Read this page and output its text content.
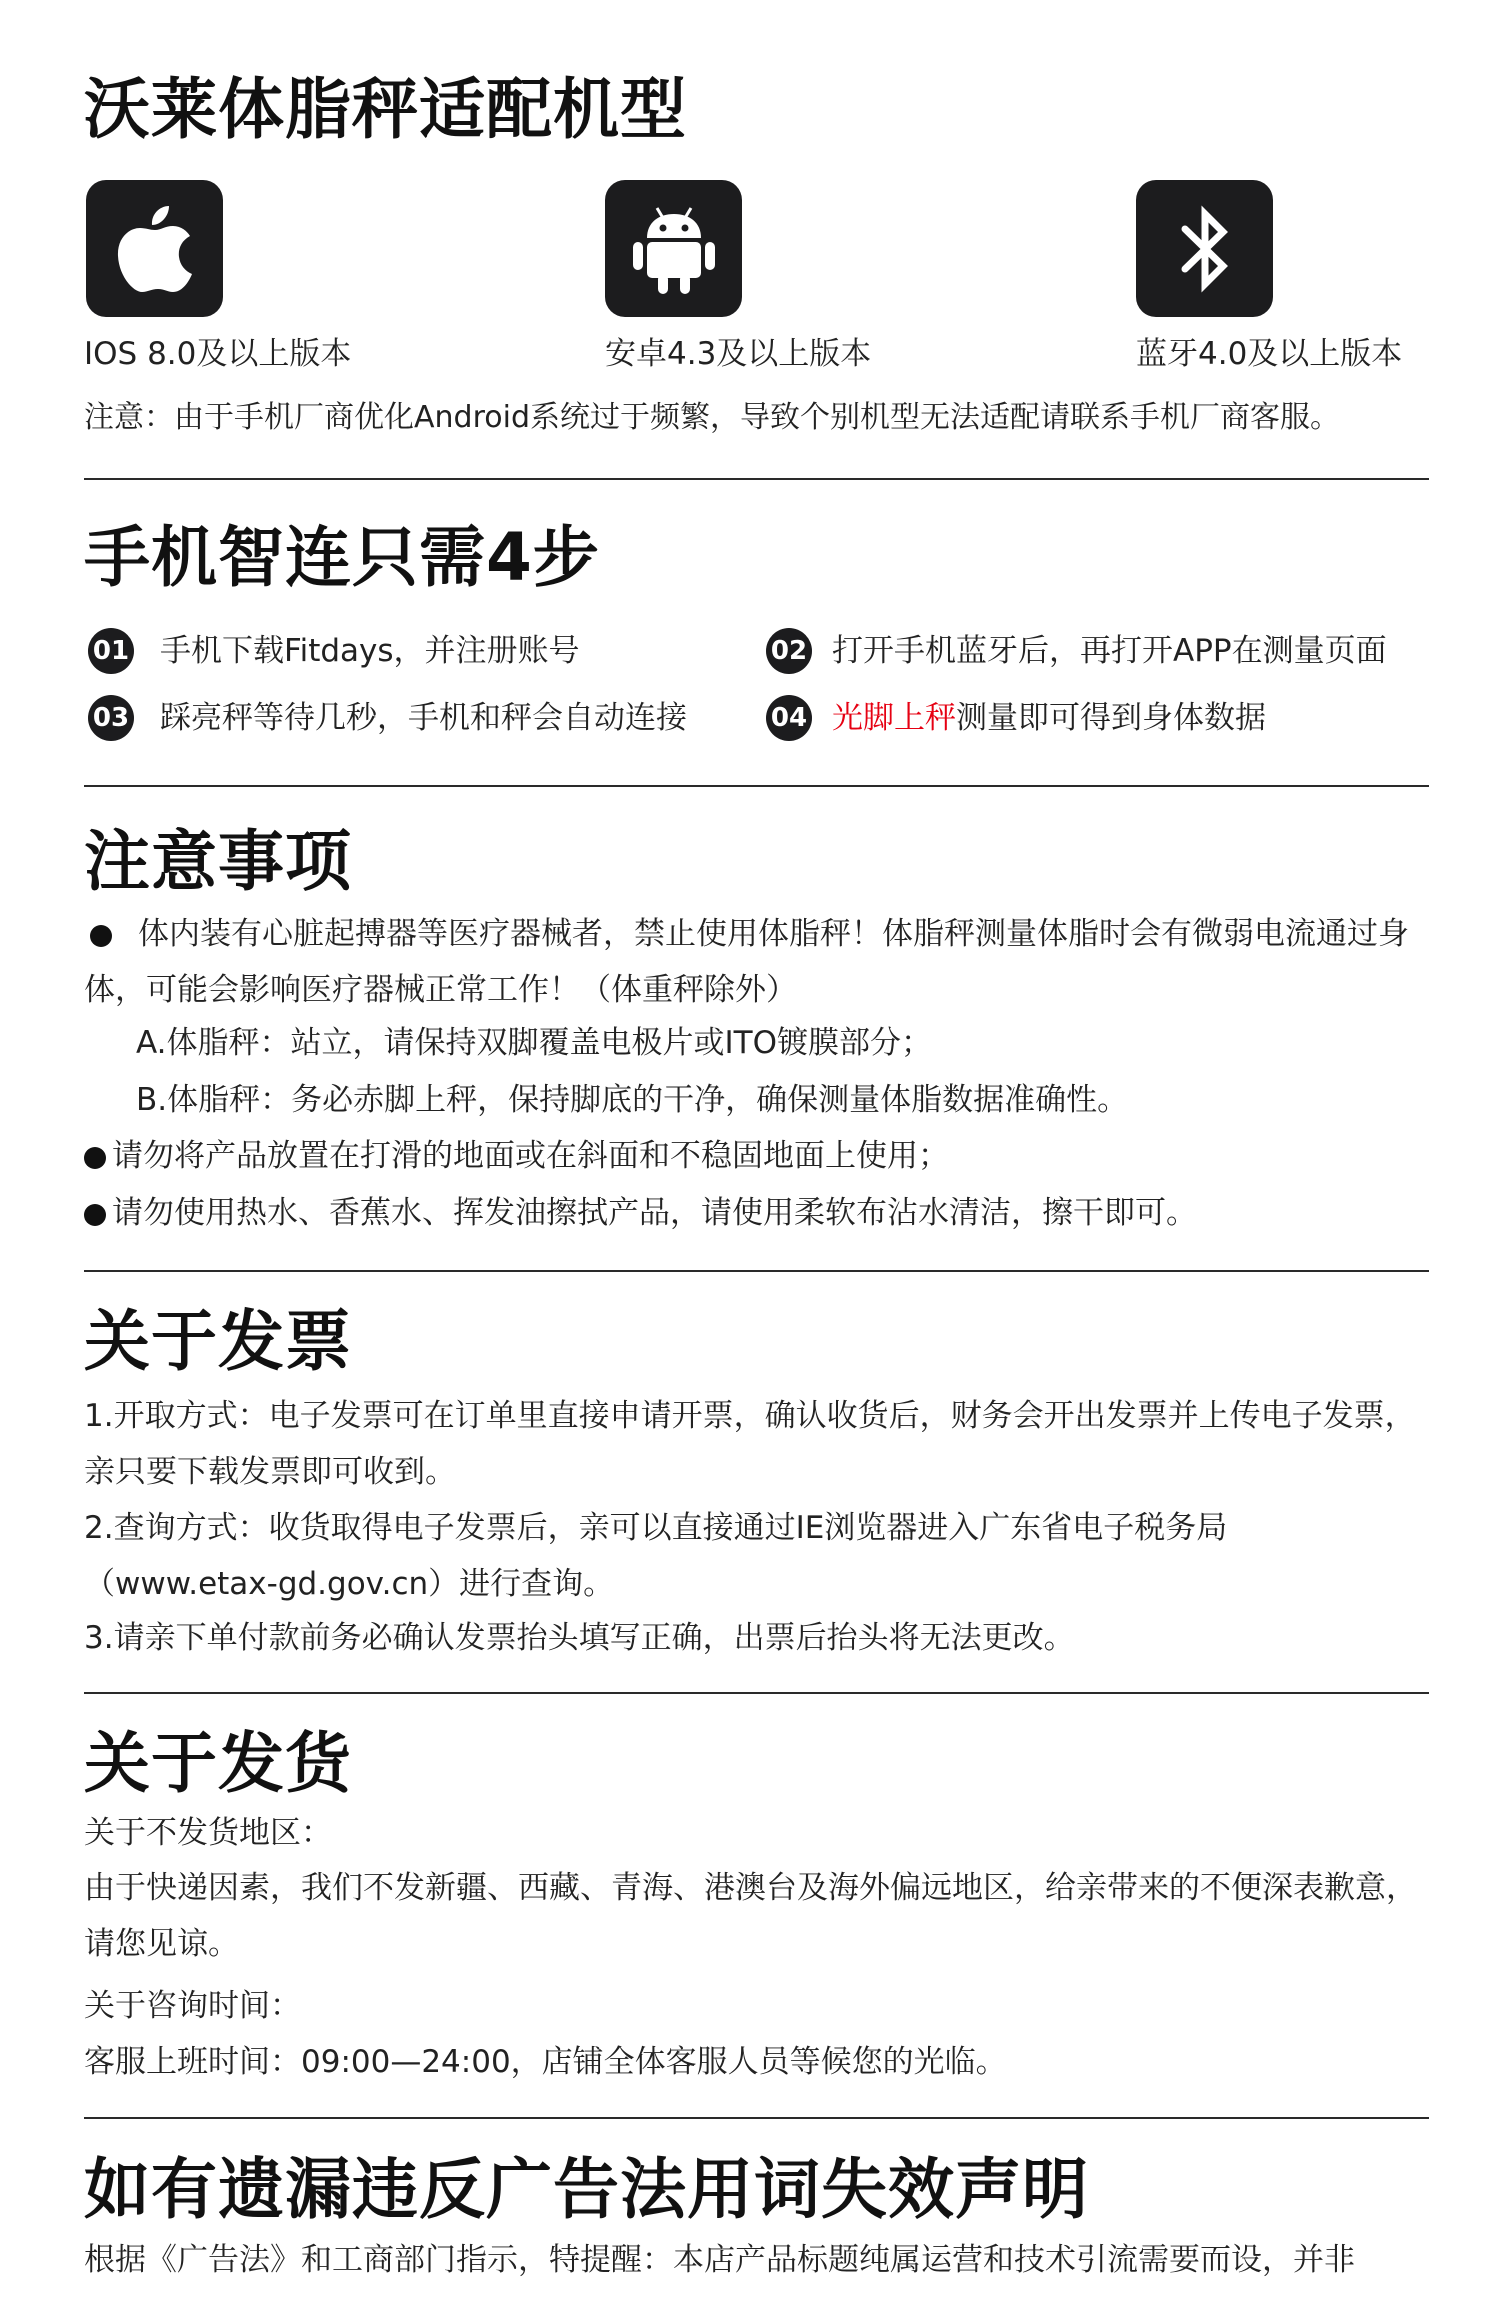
沃莱体脂秤适配机型
IOS 8.0及以上版本	安卓4.3及以上版本	蓝牙4.0及以上版本
注意：由于手机厂商优化Android系统过于频繁，导致个别机型无法适配请联系手机厂商客服。
手机智连只需4步
01 手机下载Fitdays，并注册账号	02 打开手机蓝牙后，再打开APP在测量页面
03 踩亮秤等待几秒，手机和秤会自动连接	04 光脚上秤测量即可得到身体数据
注意事项
体内装有心脏起搏器等医疗器械者，禁止使用体脂秤！体脂秤测量体脂时会有微弱电流通过身体，可能会影响医疗器械正常工作！（体重秤除外）
A.体脂秤：站立，请保持双脚覆盖电极片或ITO镀膜部分；
B.体脂秤：务必赤脚上秤，保持脚底的干净，确保测量体脂数据准确性。
请勿将产品放置在打滑的地面或在斜面和不稳固地面上使用；
请勿使用热水、香蕉水、挥发油擦拭产品，请使用柔软布沾水清洁，擦干即可。
关于发票
1.开取方式：电子发票可在订单里直接申请开票，确认收货后，财务会开出发票并上传电子发票，亲只要下载发票即可收到。
2.查询方式：收货取得电子发票后，亲可以直接通过IE浏览器进入广东省电子税务局（www.etax-gd.gov.cn）进行查询。
3.请亲下单付款前务必确认发票抬头填写正确，出票后抬头将无法更改。
关于发货
关于不发货地区：
由于快递因素，我们不发新疆、西藏、青海、港澳台及海外偏远地区，给亲带来的不便深表歉意，请您见谅。
关于咨询时间：
客服上班时间：09:00—24:00，店铺全体客服人员等候您的光临。
如有遗漏违反广告法用词失效声明
根据《广告法》和工商部门指示，特提醒：本店产品标题纯属运营和技术引流需要而设，并非
